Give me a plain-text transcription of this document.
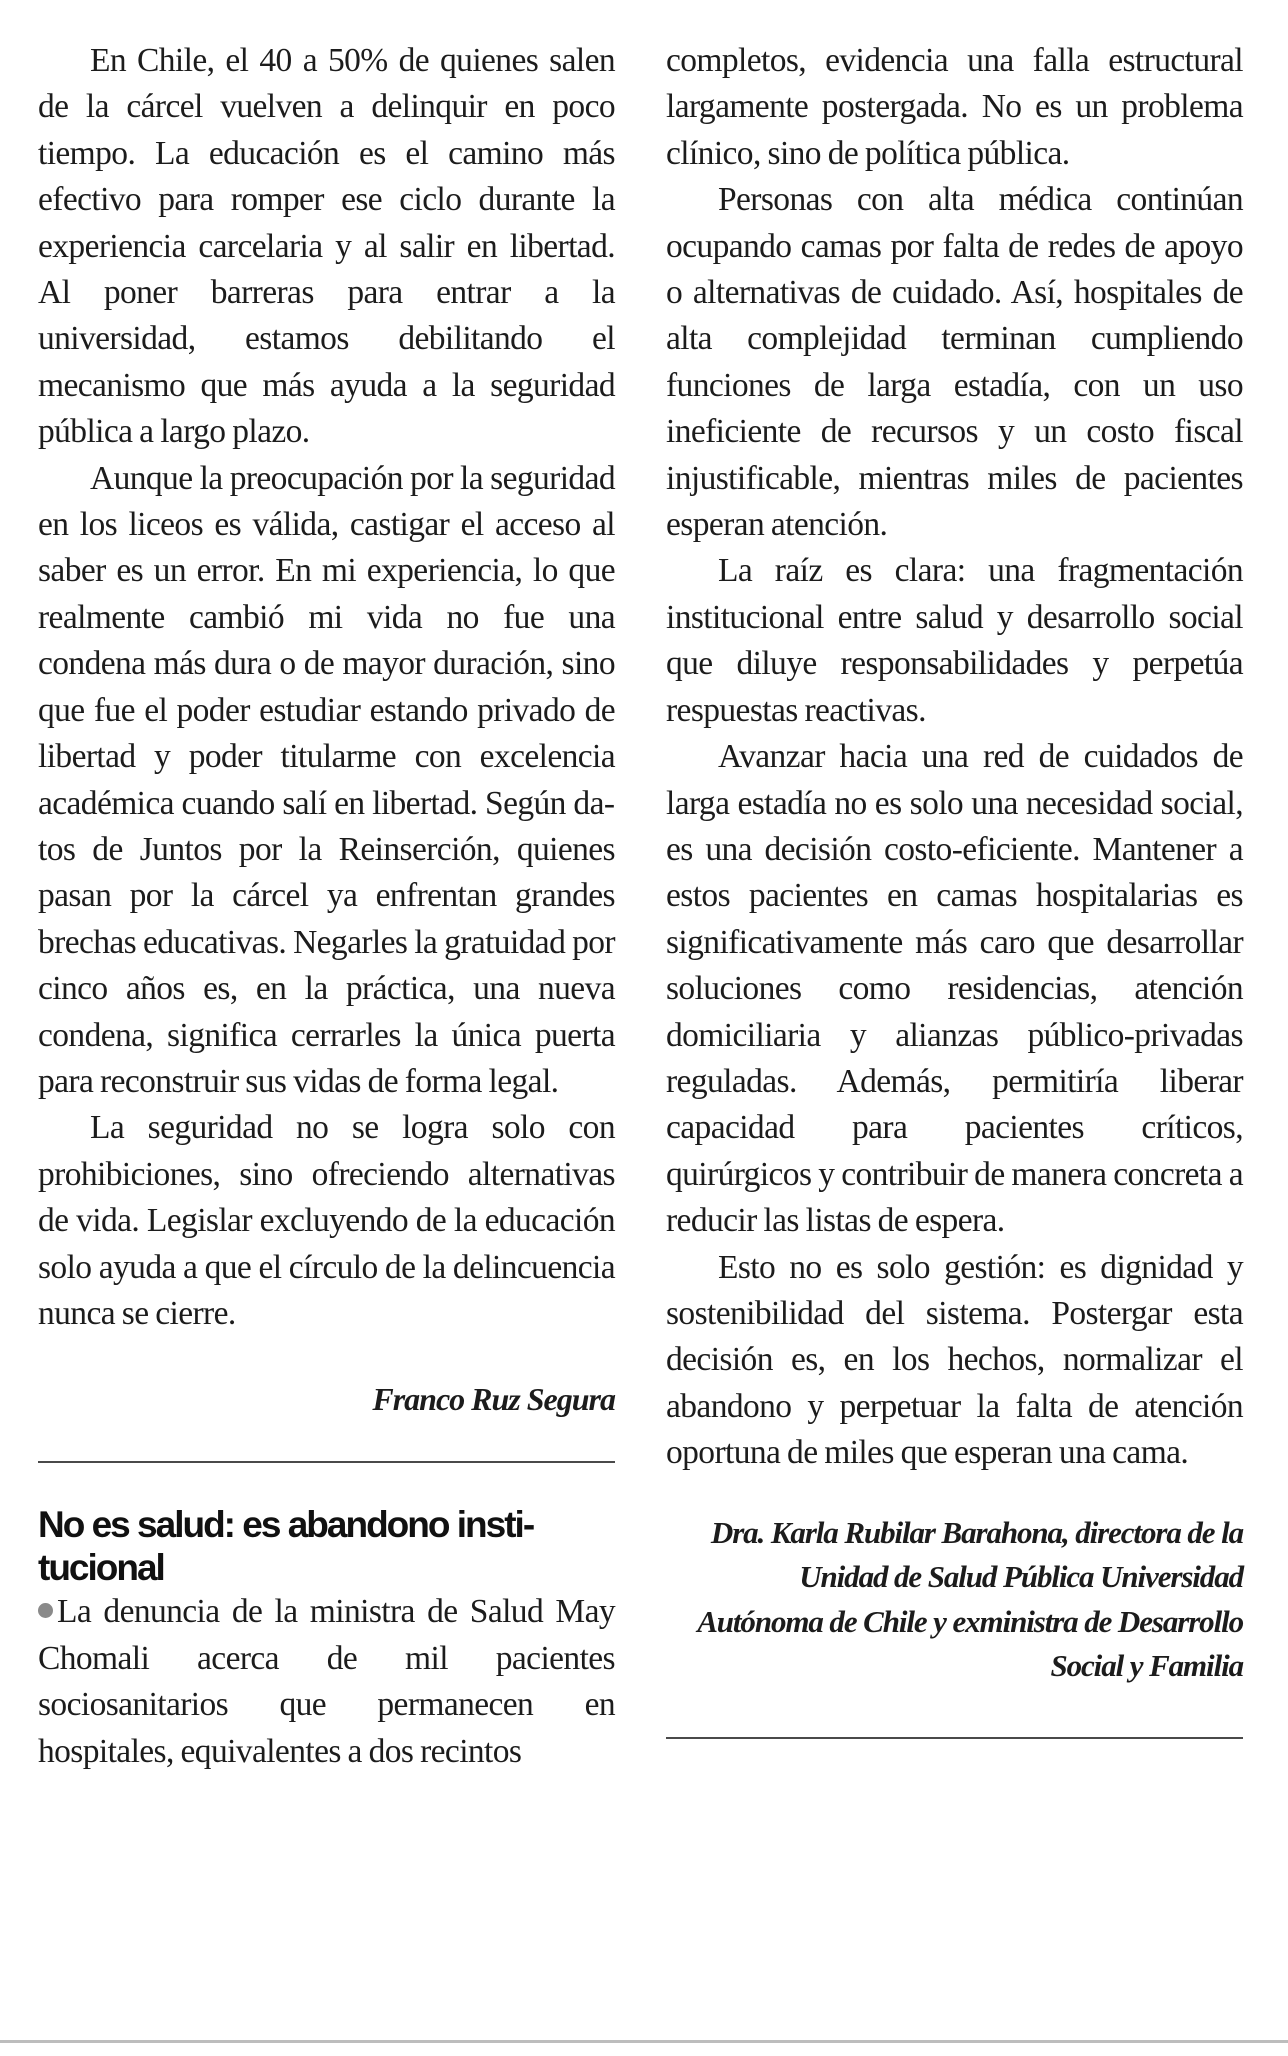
En Chile, el 40 a 50% de quienes salen de la cárcel vuelven a delinquir en poco tiempo. La educación es el camino más efectivo para romper ese ciclo durante la experiencia carcelaria y al salir en libertad. Al poner barreras para entrar a la universidad, estamos debilitando el mecanismo que más ayuda a la seguridad pública a largo plazo.

Aunque la preocupación por la seguridad en los liceos es válida, castigar el acceso al saber es un error. En mi experiencia, lo que realmente cambió mi vida no fue una condena más dura o de mayor duración, sino que fue el poder estudiar estando privado de libertad y poder titularme con excelencia académica cuando salí en libertad. Según datos de Juntos por la Reinserción, quienes pasan por la cárcel ya enfrentan grandes brechas educativas. Negarles la gratuidad por cinco años es, en la práctica, una nueva condena, significa cerrarles la única puerta para reconstruir sus vidas de forma legal.

La seguridad no se logra solo con prohibiciones, sino ofreciendo alternativas de vida. Legislar excluyendo de la educación solo ayuda a que el círculo de la delincuencia nunca se cierre.

Franco Ruz Segura
No es salud: es abandono institucional

La denuncia de la ministra de Salud May Chomali acerca de mil pacientes sociosanitarios que permanecen en hospitales, equivalentes a dos recintos

completos, evidencia una falla estructural largamente postergada. No es un problema clínico, sino de política pública.

Personas con alta médica continúan ocupando camas por falta de redes de apoyo o alternativas de cuidado. Así, hospitales de alta complejidad terminan cumpliendo funciones de larga estadía, con un uso ineficiente de recursos y un costo fiscal injustificable, mientras miles de pacientes esperan atención.

La raíz es clara: una fragmentación institucional entre salud y desarrollo social que diluye responsabilidades y perpetúa respuestas reactivas.

Avanzar hacia una red de cuidados de larga estadía no es solo una necesidad social, es una decisión costo-eficiente. Mantener a estos pacientes en camas hospitalarias es significativamente más caro que desarrollar soluciones como residencias, atención domiciliaria y alianzas público-privadas reguladas. Además, permitiría liberar capacidad para pacientes críticos, quirúrgicos y contribuir de manera concreta a reducir las listas de espera.

Esto no es solo gestión: es dignidad y sostenibilidad del sistema. Postergar esta decisión es, en los hechos, normalizar el abandono y perpetuar la falta de atención oportuna de miles que esperan una cama.

Dra. Karla Rubilar Barahona, directora de la Unidad de Salud Pública Universidad Autónoma de Chile y exministra de Desarrollo Social y Familia
